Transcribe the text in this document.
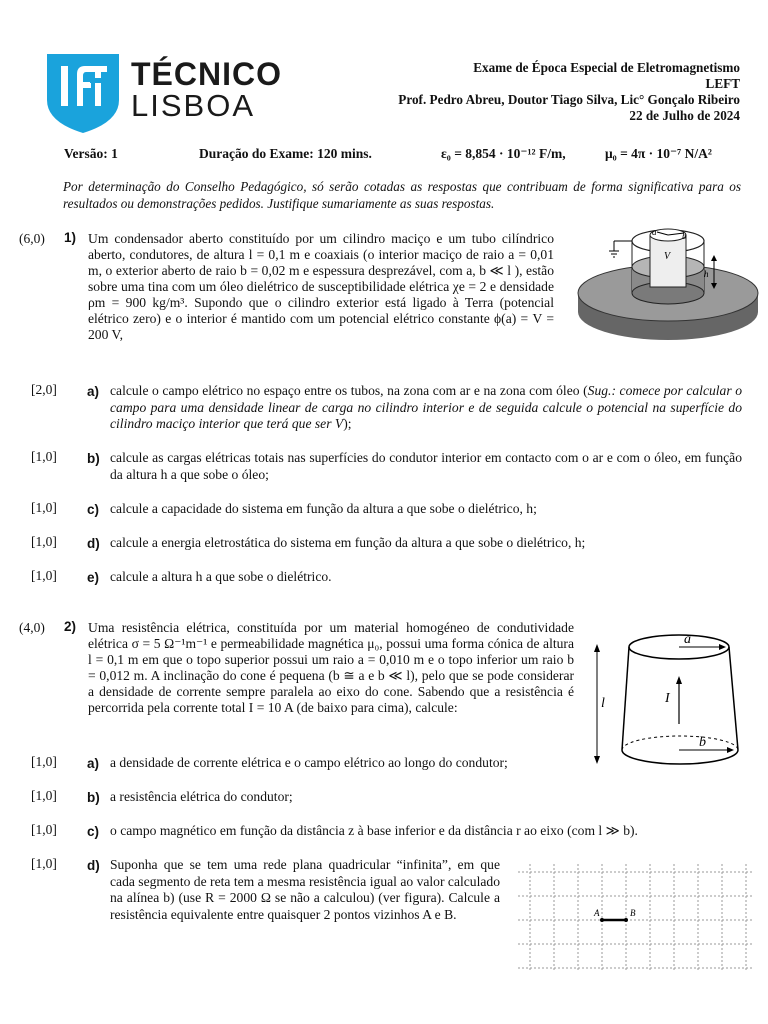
TÉCNICO
LISBOA
Exame de Época Especial de Eletromagnetismo
LEFT
Prof. Pedro Abreu, Doutor Tiago Silva, Lic° Gonçalo Ribeiro
22 de Julho de 2024
Versão: 1	Duração do Exame: 120 mins.	ε₀ = 8,854 · 10⁻¹² F/m,	μ₀ = 4π · 10⁻⁷ N/A²
Por determinação do Conselho Pedagógico, só serão cotadas as respostas que contribuam de forma significativa para os resultados ou demonstrações pedidos. Justifique sumariamente as suas respostas.
(6,0) 1) Um condensador aberto constituído por um cilindro maciço e um tubo cilíndrico aberto, condutores, de altura l = 0,1 m e coaxiais (o interior maciço de raio a = 0,01 m, o exterior aberto de raio b = 0,02 m e espessura desprezável, com a, b ≪ l ), estão sobre uma tina com um óleo dielétrico de susceptibilidade elétrica χe = 2 e densidade ρm = 900 kg/m³. Supondo que o cilindro exterior está ligado à Terra (potencial elétrico zero) e o interior é mantido com um potencial elétrico constante ϕ(a) = V = 200 V,
a	b
V
h
[2,0] a) calcule o campo elétrico no espaço entre os tubos, na zona com ar e na zona com óleo (Sug.: comece por calcular o campo para uma densidade linear de carga no cilindro interior e de seguida calcule o potencial na superfície do cilindro maciço interior que terá que ser V);
[1,0] b) calcule as cargas elétricas totais nas superfícies do condutor interior em contacto com o ar e com o óleo, em função da altura h a que sobe o óleo;
[1,0] c) calcule a capacidade do sistema em função da altura a que sobe o dielétrico, h;
[1,0] d) calcule a energia eletrostática do sistema em função da altura a que sobe o dielétrico, h;
[1,0] e) calcule a altura h a que sobe o dielétrico.
(4,0) 2) Uma resistência elétrica, constituída por um material homogéneo de condutividade elétrica σ = 5 Ω⁻¹m⁻¹ e permeabilidade magnética μ₀, possui uma forma cónica de altura l = 0,1 m em que o topo superior possui um raio a = 0,010 m e o topo inferior um raio b = 0,012 m. A inclinação do cone é pequena (b ≅ a e b ≪ l), pelo que se pode considerar a densidade de corrente sempre paralela ao eixo do cone. Sabendo que a resistência é percorrida pela corrente total I = 10 A (de baixo para cima), calcule:
a
b
I
l
[1,0] a) a densidade de corrente elétrica e o campo elétrico ao longo do condutor;
[1,0] b) a resistência elétrica do condutor;
[1,0] c) o campo magnético em função da distância z à base inferior e da distância r ao eixo (com l ≫ b).
[1,0] d) Suponha que se tem uma rede plana quadricular “infinita”, em que cada segmento de reta tem a mesma resistência igual ao valor calculado na alínea b) (use R = 2000 Ω se não a calculou) (ver figura). Calcule a resistência equivalente entre quaisquer 2 pontos vizinhos A e B.	A	B
